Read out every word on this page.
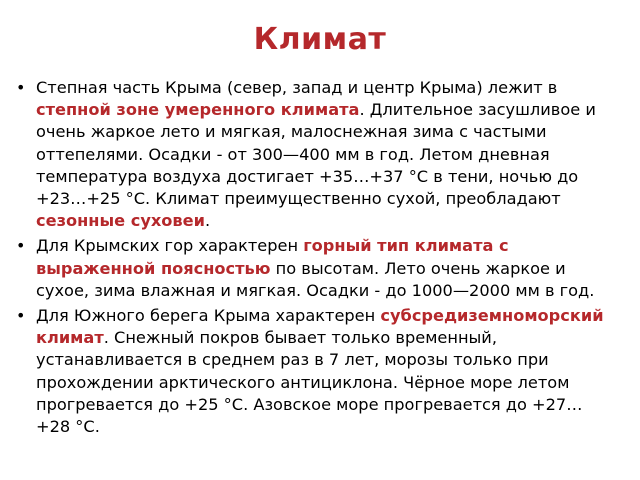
Климат
• Степная часть Крыма (север, запад и центр Крыма) лежит в степной зоне умеренного климата. Длительное засушливое и очень жаркое лето и мягкая, малоснежная зима с частыми оттепелями. Осадки - от 300—400 мм в год. Летом дневная температура воздуха достигает +35…+37 °C в тени, ночью до +23…+25 °C. Климат преимущественно сухой, преобладают сезонные суховеи.
• Для Крымских гор характерен горный тип климата с выраженной поясностью по высотам. Лето очень жаркое и сухое, зима влажная и мягкая. Осадки - до 1000—2000 мм в год.
• Для Южного берега Крыма характерен субсредиземноморский климат. Снежный покров бывает только временный, устанавливается в среднем раз в 7 лет, морозы только при прохождении арктического антициклона. Чёрное море летом прогревается до +25 °C. Азовское море прогревается до +27…+28 °C.
